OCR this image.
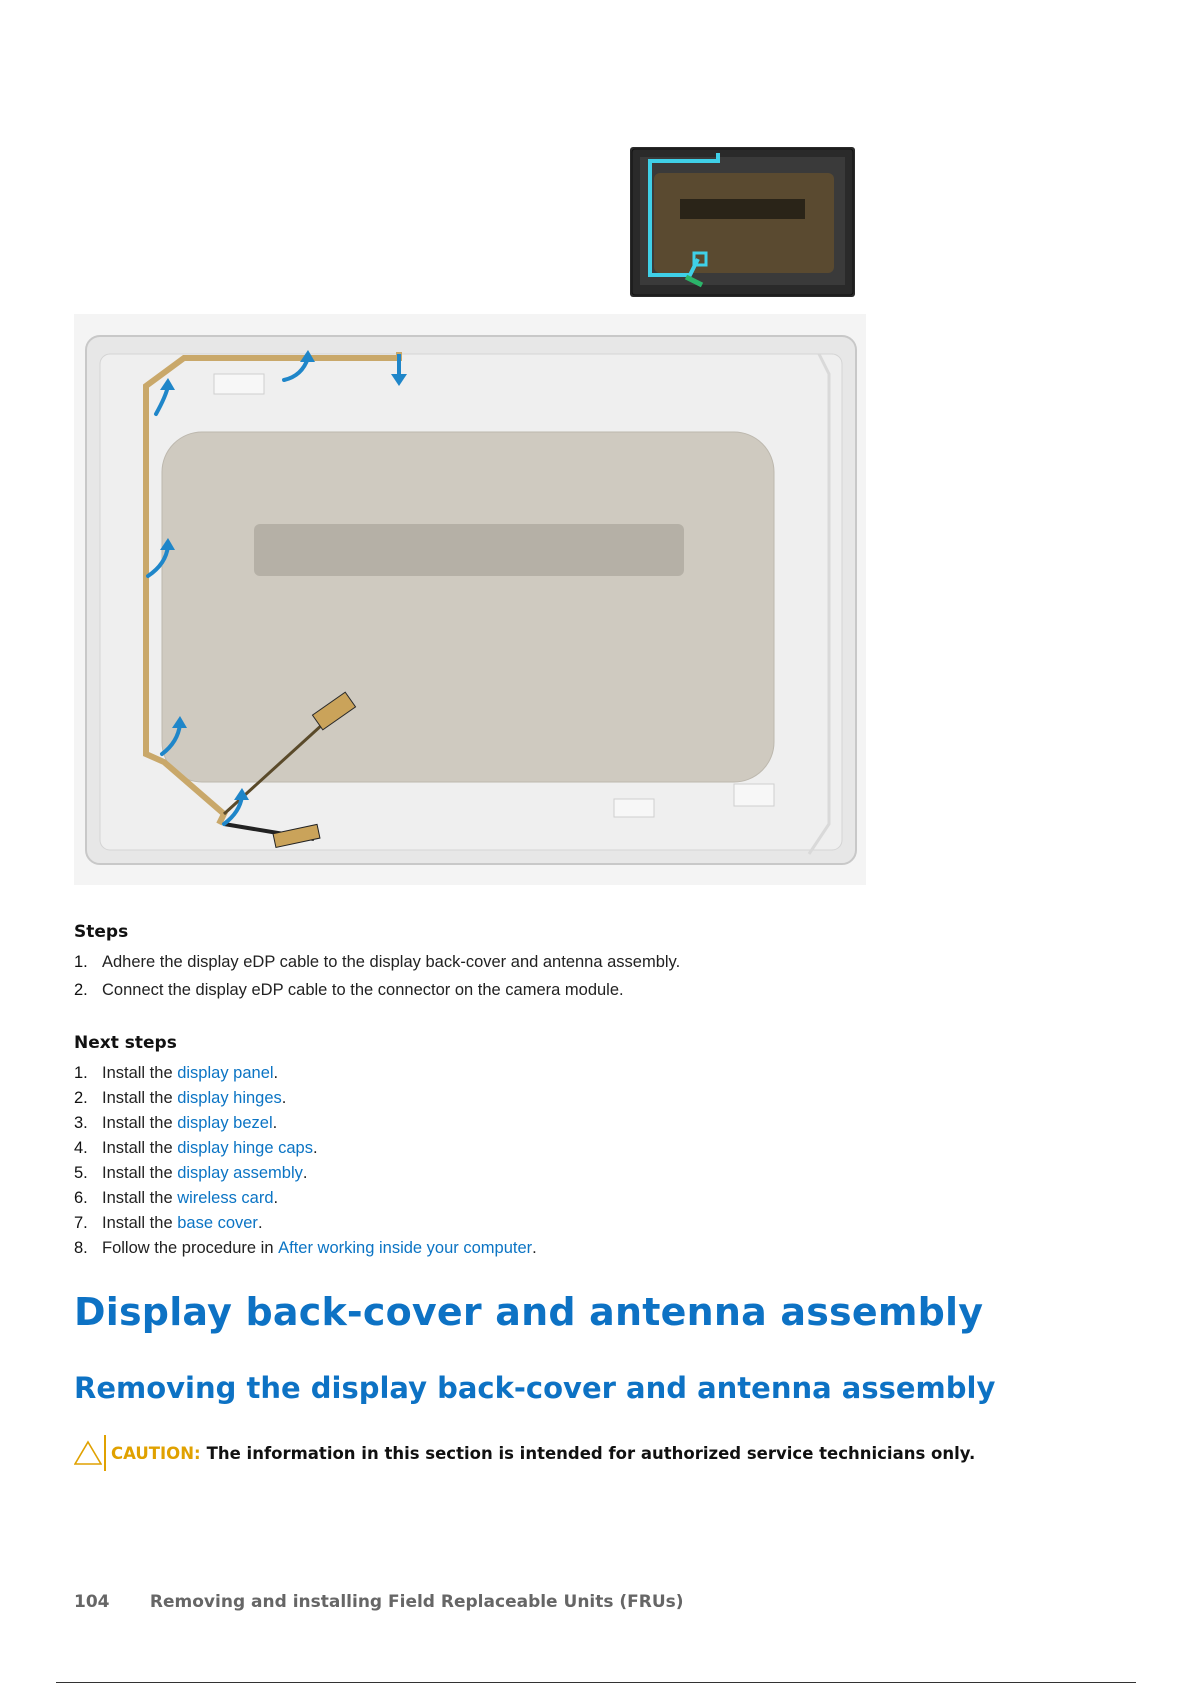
Steps
1. Adhere the display eDP cable to the display back-cover and antenna assembly.
2. Connect the display eDP cable to the connector on the camera module.
Next steps
1. Install the display panel .
2. Install the display hinges .
3. Install the display bezel .
4. Install the display hinge caps .
5. Install the display assembly .
6. Install the wireless card .
7. Install the base cover .
8. Follow the procedure in After working inside your computer .
Display back-cover and antenna assembly
Removing the display back-cover and antenna assembly
CAUTION: The information in this section is intended for authorized service technicians only.
104 Removing and installing Field Replaceable Units (FRUs)
